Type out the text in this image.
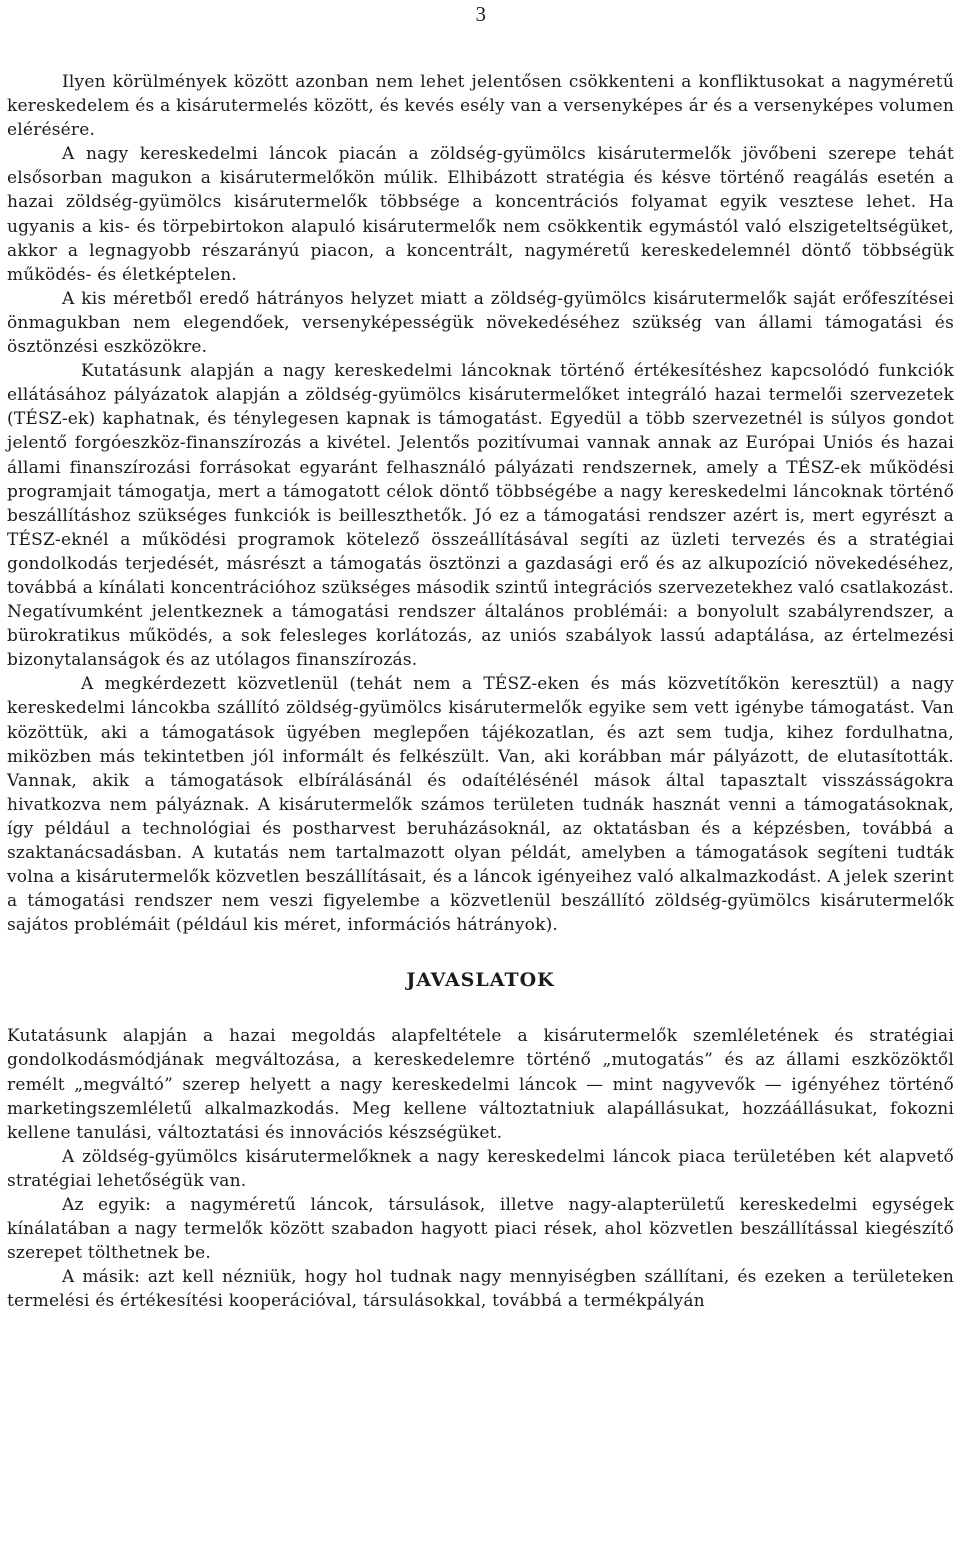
3

Ilyen körülmények között azonban nem lehet jelentősen csökkenteni a konfliktusokat a nagyméretű kereskedelem és a kisárutermelés között, és kevés esély van a versenyképes ár és a versenyképes volumen elérésére.

A nagy kereskedelmi láncok piacán a zöldség-gyümölcs kisárutermelők jövőbeni szerepe tehát elsősorban magukon a kisárutermelőkön múlik. Elhibázott stratégia és késve történő reagálás esetén a hazai zöldség-gyümölcs kisárutermelők többsége a koncentrációs folyamat egyik vesztese lehet. Ha ugyanis a kis- és törpebirtokon alapuló kisárutermelők nem csökkentik egymástól való elszigeteltségüket, akkor a legnagyobb részarányú piacon, a koncentrált, nagyméretű kereskedelemnél döntő többségük működés- és életképtelen.

A kis méretből eredő hátrányos helyzet miatt a zöldség-gyümölcs kisárutermelők saját erőfeszítései önmagukban nem elegendőek, versenyképességük növekedéséhez szükség van állami támogatási és ösztönzési eszközökre.

Kutatásunk alapján a nagy kereskedelmi láncoknak történő értékesítéshez kapcsolódó funkciók ellátásához pályázatok alapján a zöldség-gyümölcs kisárutermelőket integráló hazai termelői szervezetek (TÉSZ-ek) kaphatnak, és ténylegesen kapnak is támogatást. Egyedül a több szervezetnél is súlyos gondot jelentő forgóeszköz-finanszírozás a kivétel. Jelentős pozitívumai vannak annak az Európai Uniós és hazai állami finanszírozási forrásokat egyaránt felhasználó pályázati rendszernek, amely a TÉSZ-ek működési programjait támogatja, mert a támogatott célok döntő többségébe a nagy kereskedelmi láncoknak történő beszállításhoz szükséges funkciók is beilleszthetők. Jó ez a támogatási rendszer azért is, mert egyrészt a TÉSZ-eknél a működési programok kötelező összeállításával segíti az üzleti tervezés és a stratégiai gondolkodás terjedését, másrészt a támogatás ösztönzi a gazdasági erő és az alkupozíció növekedéséhez, továbbá a kínálati koncentrációhoz szükséges második szintű integrációs szervezetekhez való csatlakozást. Negatívumként jelentkeznek a támogatási rendszer általános problémái: a bonyolult szabályrendszer, a bürokratikus működés, a sok felesleges korlátozás, az uniós szabályok lassú adaptálása, az értelmezési bizonytalanságok és az utólagos finanszírozás.

A megkérdezett közvetlenül (tehát nem a TÉSZ-eken és más közvetítőkön keresztül) a nagy kereskedelmi láncokba szállító zöldség-gyümölcs kisárutermelők egyike sem vett igénybe támogatást. Van közöttük, aki a támogatások ügyében meglepően tájékozatlan, és azt sem tudja, kihez fordulhatna, miközben más tekintetben jól informált és felkészült. Van, aki korábban már pályázott, de elutasították. Vannak, akik a támogatások elbírálásánál és odaítélésénél mások által tapasztalt visszásságokra hivatkozva nem pályáznak. A kisárutermelők számos területen tudnák hasznát venni a támogatásoknak, így például a technológiai és postharvest beruházásoknál, az oktatásban és a képzésben, továbbá a szaktanácsadásban. A kutatás nem tartalmazott olyan példát, amelyben a támogatások segíteni tudták volna a kisárutermelők közvetlen beszállításait, és a láncok igényeihez való alkalmazkodást. A jelek szerint a támogatási rendszer nem veszi figyelembe a közvetlenül beszállító zöldség-gyümölcs kisárutermelők sajátos problémáit (például kis méret, információs hátrányok).

JAVASLATOK

Kutatásunk alapján a hazai megoldás alapfeltétele a kisárutermelők szemléletének és stratégiai gondolkodásmódjának megváltozása, a kereskedelemre történő „mutogatás” és az állami eszközöktől remélt „megváltó” szerep helyett a nagy kereskedelmi láncok — mint nagyvevők — igényéhez történő marketingszemléletű alkalmazkodás. Meg kellene változtatniuk alapállásukat, hozzáállásukat, fokozni kellene tanulási, változtatási és innovációs készségüket.

A zöldség-gyümölcs kisárutermelőknek a nagy kereskedelmi láncok piaca területében két alapvető stratégiai lehetőségük van.

Az egyik: a nagyméretű láncok, társulások, illetve nagy-alapterületű kereskedelmi egységek kínálatában a nagy termelők között szabadon hagyott piaci rések, ahol közvetlen beszállítással kiegészítő szerepet tölthetnek be.

A másik: azt kell nézniük, hogy hol tudnak nagy mennyiségben szállítani, és ezeken a területeken termelési és értékesítési kooperációval, társulásokkal, továbbá a termékpályán
